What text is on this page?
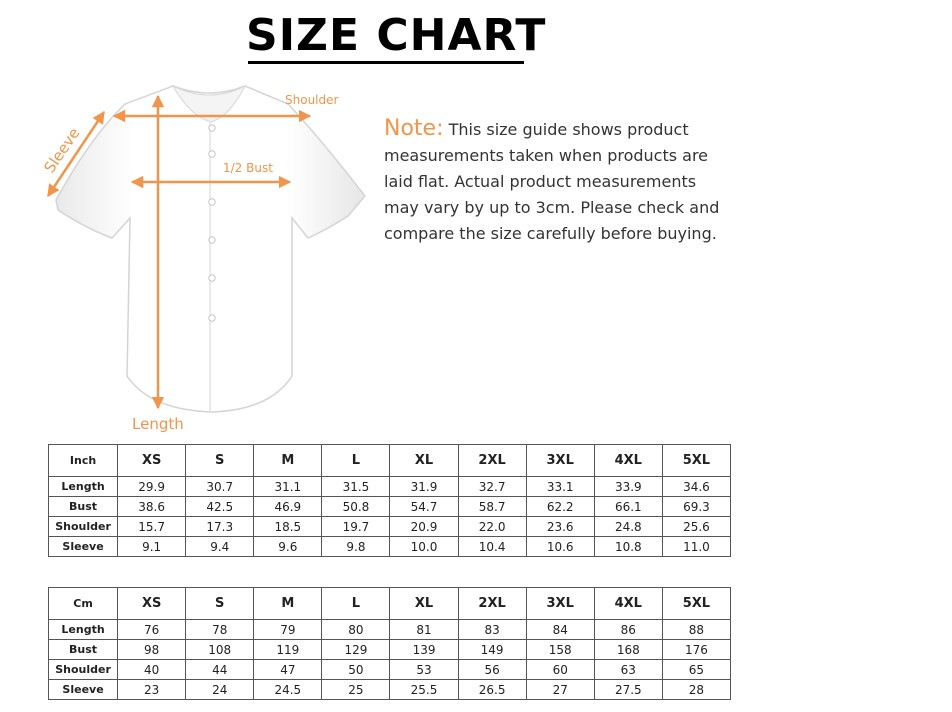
SIZE CHART
Shoulder
1/2 Bust
Sleeve
Length

Note: This size guide shows product measurements taken when products are laid flat. Actual product measurements may vary by up to 3cm. Please check and compare the size carefully before buying.

Inch	XS	S	M	L	XL	2XL	3XL	4XL	5XL
Length	29.9	30.7	31.1	31.5	31.9	32.7	33.1	33.9	34.6
Bust	38.6	42.5	46.9	50.8	54.7	58.7	62.2	66.1	69.3
Shoulder	15.7	17.3	18.5	19.7	20.9	22.0	23.6	24.8	25.6
Sleeve	9.1	9.4	9.6	9.8	10.0	10.4	10.6	10.8	11.0
Cm	XS	S	M	L	XL	2XL	3XL	4XL	5XL
Length	76	78	79	80	81	83	84	86	88
Bust	98	108	119	129	139	149	158	168	176
Shoulder	40	44	47	50	53	56	60	63	65
Sleeve	23	24	24.5	25	25.5	26.5	27	27.5	28
